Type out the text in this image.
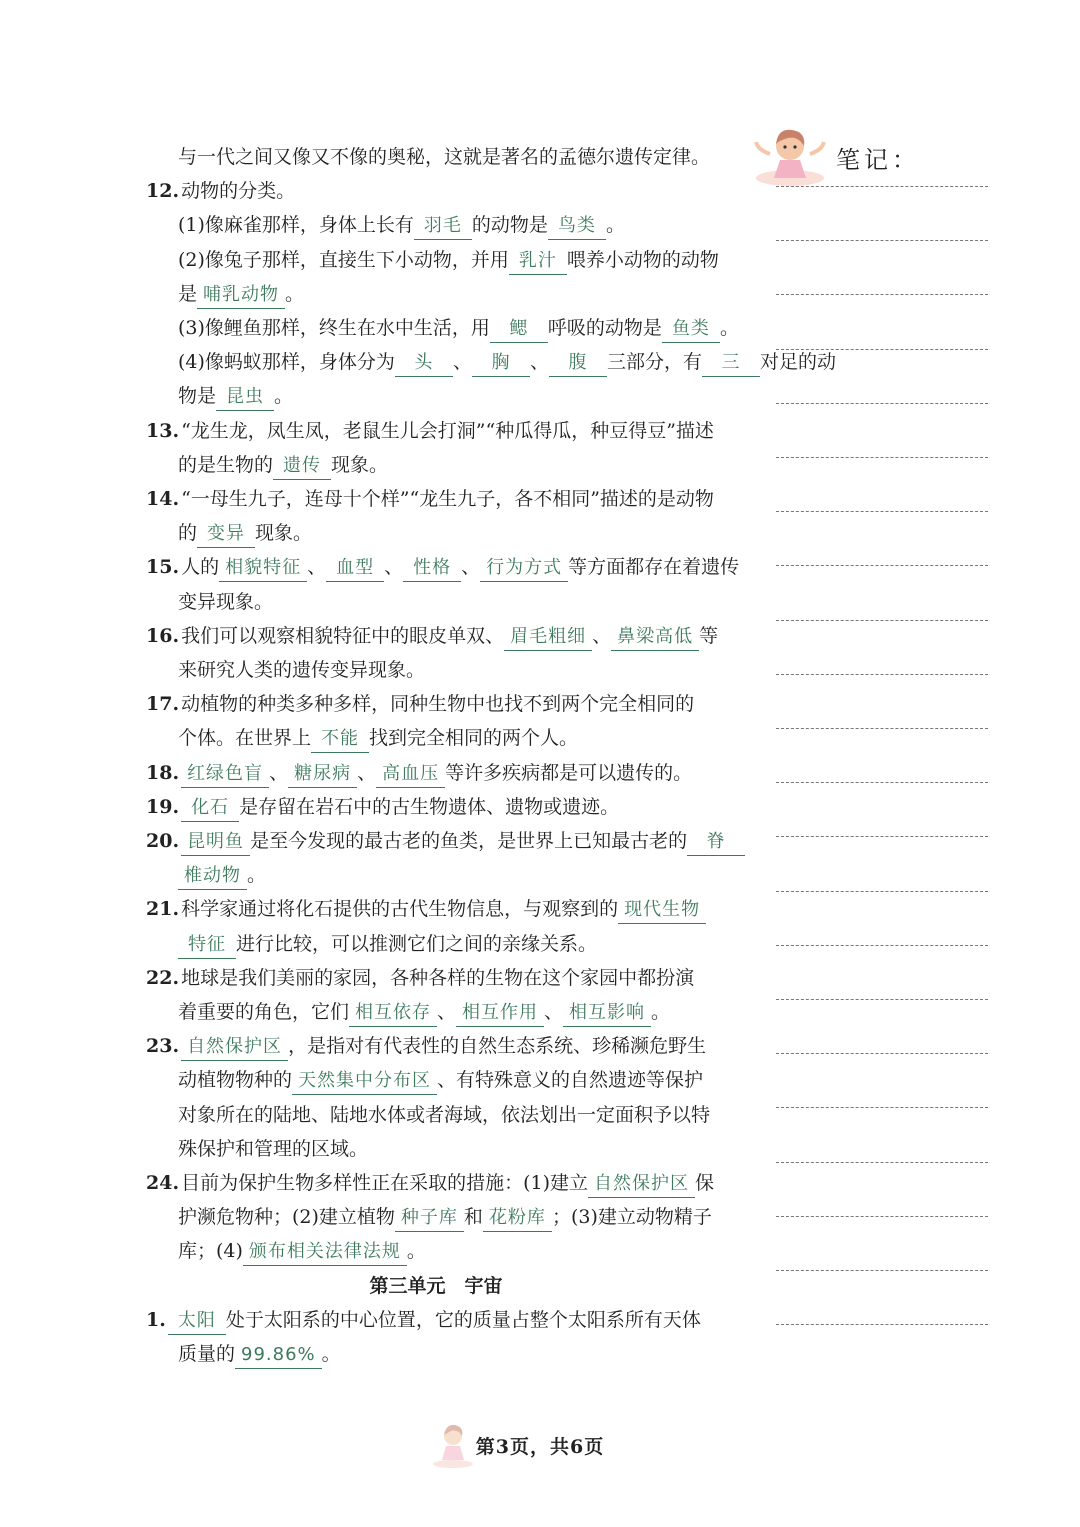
笔记：
与一代之间又像又不像的奥秘，这就是著名的孟德尔遗传定律。
12. 动物的分类。
(1)像麻雀那样，身体上长有 羽毛 的动物是 鸟类 。
(2)像兔子那样，直接生下小动物，并用 乳汁 喂养小动物的动物
是 哺乳动物 。
(3)像鲤鱼那样，终生在水中生活，用 鳃 呼吸的动物是 鱼类 。
(4)像蚂蚁那样，身体分为 头 、 胸 、 腹 三部分，有 三 对足的动
物是 昆虫 。
13. “龙生龙，凤生凤，老鼠生儿会打洞”“种瓜得瓜，种豆得豆”描述
的是生物的 遗传 现象。
14. “一母生九子，连母十个样”“龙生九子，各不相同”描述的是动物
的 变异 现象。
15. 人的 相貌特征 、 血型 、 性格 、 行为方式 等方面都存在着遗传
变异现象。
16. 我们可以观察相貌特征中的眼皮单双、 眉毛粗细 、 鼻梁高低 等
来研究人类的遗传变异现象。
17. 动植物的种类多种多样，同种生物中也找不到两个完全相同的
个体。在世界上 不能 找到完全相同的两个人。
18. 红绿色盲 、 糖尿病 、 高血压 等许多疾病都是可以遗传的。
19. 化石 是存留在岩石中的古生物遗体、遗物或遗迹。
20. 昆明鱼 是至今发现的最古老的鱼类，是世界上已知最古老的 脊
椎动物 。
21. 科学家通过将化石提供的古代生物信息，与观察到的 现代生物
特征 进行比较，可以推测它们之间的亲缘关系。
22. 地球是我们美丽的家园，各种各样的生物在这个家园中都扮演
着重要的角色，它们 相互依存 、 相互作用 、 相互影响 。
23. 自然保护区 ，是指对有代表性的自然生态系统、珍稀濒危野生
动植物物种的 天然集中分布区 、有特殊意义的自然遗迹等保护
对象所在的陆地、陆地水体或者海域，依法划出一定面积予以特
殊保护和管理的区域。
24. 目前为保护生物多样性正在采取的措施：(1)建立 自然保护区 保
护濒危物种；(2)建立植物 种子库 和 花粉库 ；(3)建立动物精子
库；(4) 颁布相关法律法规 。
第三单元　宇宙
1. 太阳 处于太阳系的中心位置，它的质量占整个太阳系所有天体
质量的 99.86% 。
第3页，共6页
